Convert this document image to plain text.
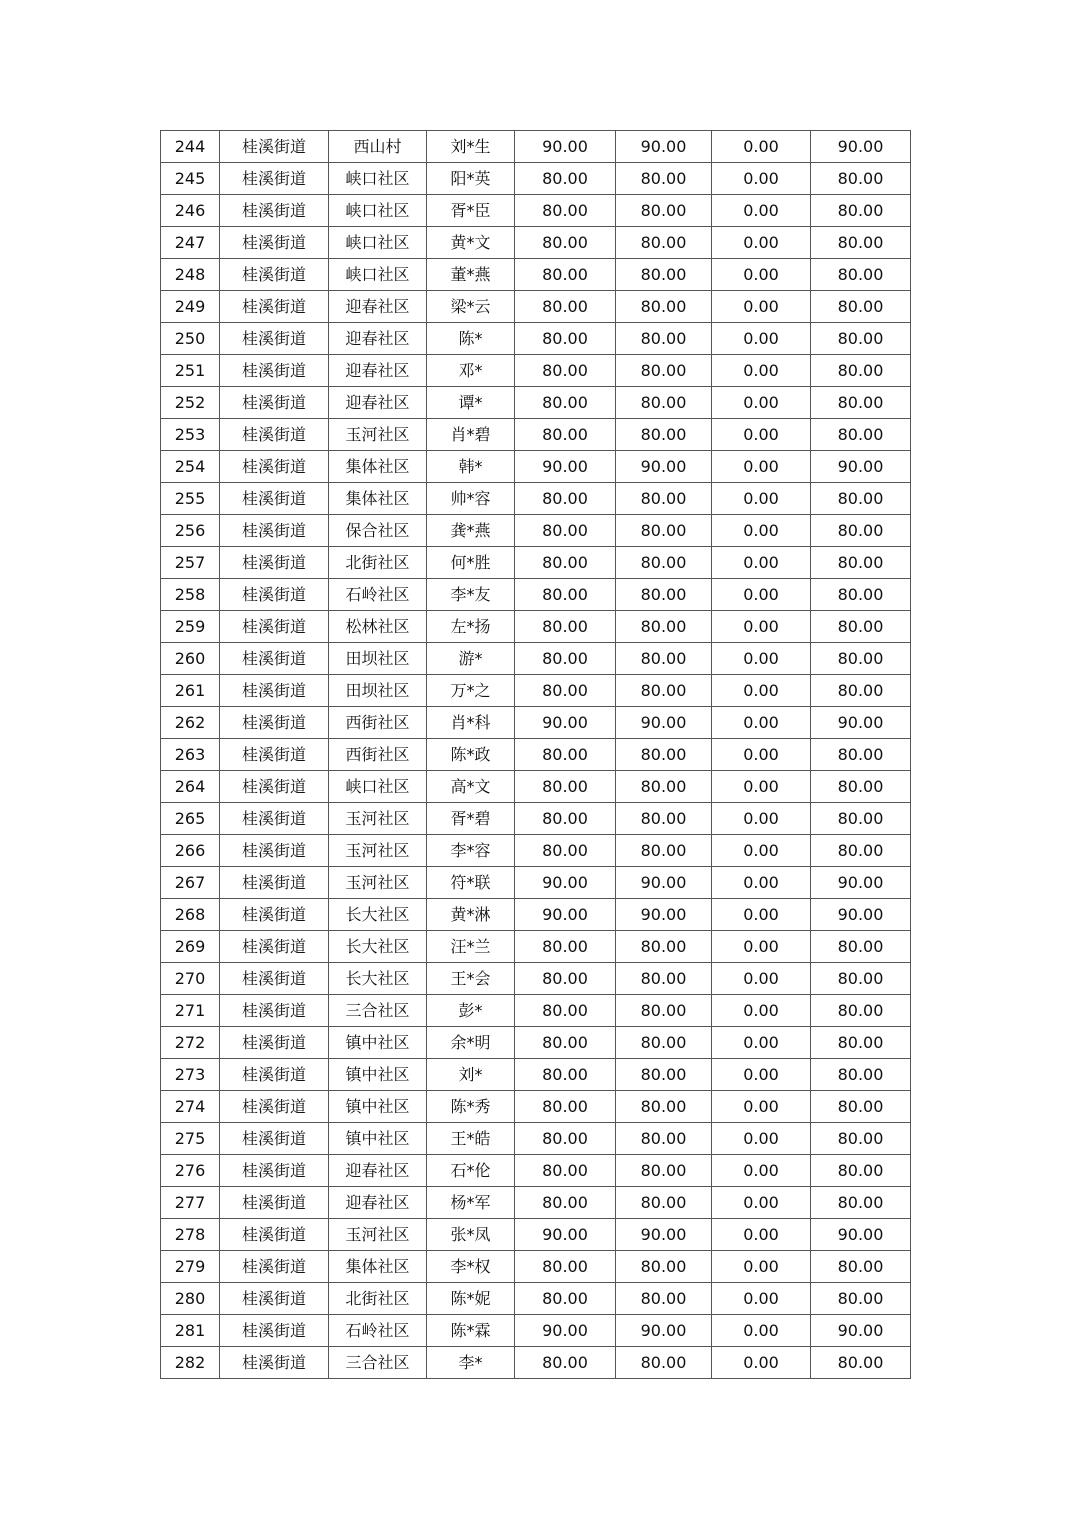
244	桂溪街道	西山村	刘*生	90.00	90.00	0.00	90.00
245	桂溪街道	峡口社区	阳*英	80.00	80.00	0.00	80.00
246	桂溪街道	峡口社区	胥*臣	80.00	80.00	0.00	80.00
247	桂溪街道	峡口社区	黄*文	80.00	80.00	0.00	80.00
248	桂溪街道	峡口社区	董*燕	80.00	80.00	0.00	80.00
249	桂溪街道	迎春社区	梁*云	80.00	80.00	0.00	80.00
250	桂溪街道	迎春社区	陈*	80.00	80.00	0.00	80.00
251	桂溪街道	迎春社区	邓*	80.00	80.00	0.00	80.00
252	桂溪街道	迎春社区	谭*	80.00	80.00	0.00	80.00
253	桂溪街道	玉河社区	肖*碧	80.00	80.00	0.00	80.00
254	桂溪街道	集体社区	韩*	90.00	90.00	0.00	90.00
255	桂溪街道	集体社区	帅*容	80.00	80.00	0.00	80.00
256	桂溪街道	保合社区	龚*燕	80.00	80.00	0.00	80.00
257	桂溪街道	北街社区	何*胜	80.00	80.00	0.00	80.00
258	桂溪街道	石岭社区	李*友	80.00	80.00	0.00	80.00
259	桂溪街道	松林社区	左*扬	80.00	80.00	0.00	80.00
260	桂溪街道	田坝社区	游*	80.00	80.00	0.00	80.00
261	桂溪街道	田坝社区	万*之	80.00	80.00	0.00	80.00
262	桂溪街道	西街社区	肖*科	90.00	90.00	0.00	90.00
263	桂溪街道	西街社区	陈*政	80.00	80.00	0.00	80.00
264	桂溪街道	峡口社区	高*文	80.00	80.00	0.00	80.00
265	桂溪街道	玉河社区	胥*碧	80.00	80.00	0.00	80.00
266	桂溪街道	玉河社区	李*容	80.00	80.00	0.00	80.00
267	桂溪街道	玉河社区	符*联	90.00	90.00	0.00	90.00
268	桂溪街道	长大社区	黄*淋	90.00	90.00	0.00	90.00
269	桂溪街道	长大社区	汪*兰	80.00	80.00	0.00	80.00
270	桂溪街道	长大社区	王*会	80.00	80.00	0.00	80.00
271	桂溪街道	三合社区	彭*	80.00	80.00	0.00	80.00
272	桂溪街道	镇中社区	余*明	80.00	80.00	0.00	80.00
273	桂溪街道	镇中社区	刘*	80.00	80.00	0.00	80.00
274	桂溪街道	镇中社区	陈*秀	80.00	80.00	0.00	80.00
275	桂溪街道	镇中社区	王*皓	80.00	80.00	0.00	80.00
276	桂溪街道	迎春社区	石*伦	80.00	80.00	0.00	80.00
277	桂溪街道	迎春社区	杨*军	80.00	80.00	0.00	80.00
278	桂溪街道	玉河社区	张*凤	90.00	90.00	0.00	90.00
279	桂溪街道	集体社区	李*权	80.00	80.00	0.00	80.00
280	桂溪街道	北街社区	陈*妮	80.00	80.00	0.00	80.00
281	桂溪街道	石岭社区	陈*霖	90.00	90.00	0.00	90.00
282	桂溪街道	三合社区	李*	80.00	80.00	0.00	80.00
